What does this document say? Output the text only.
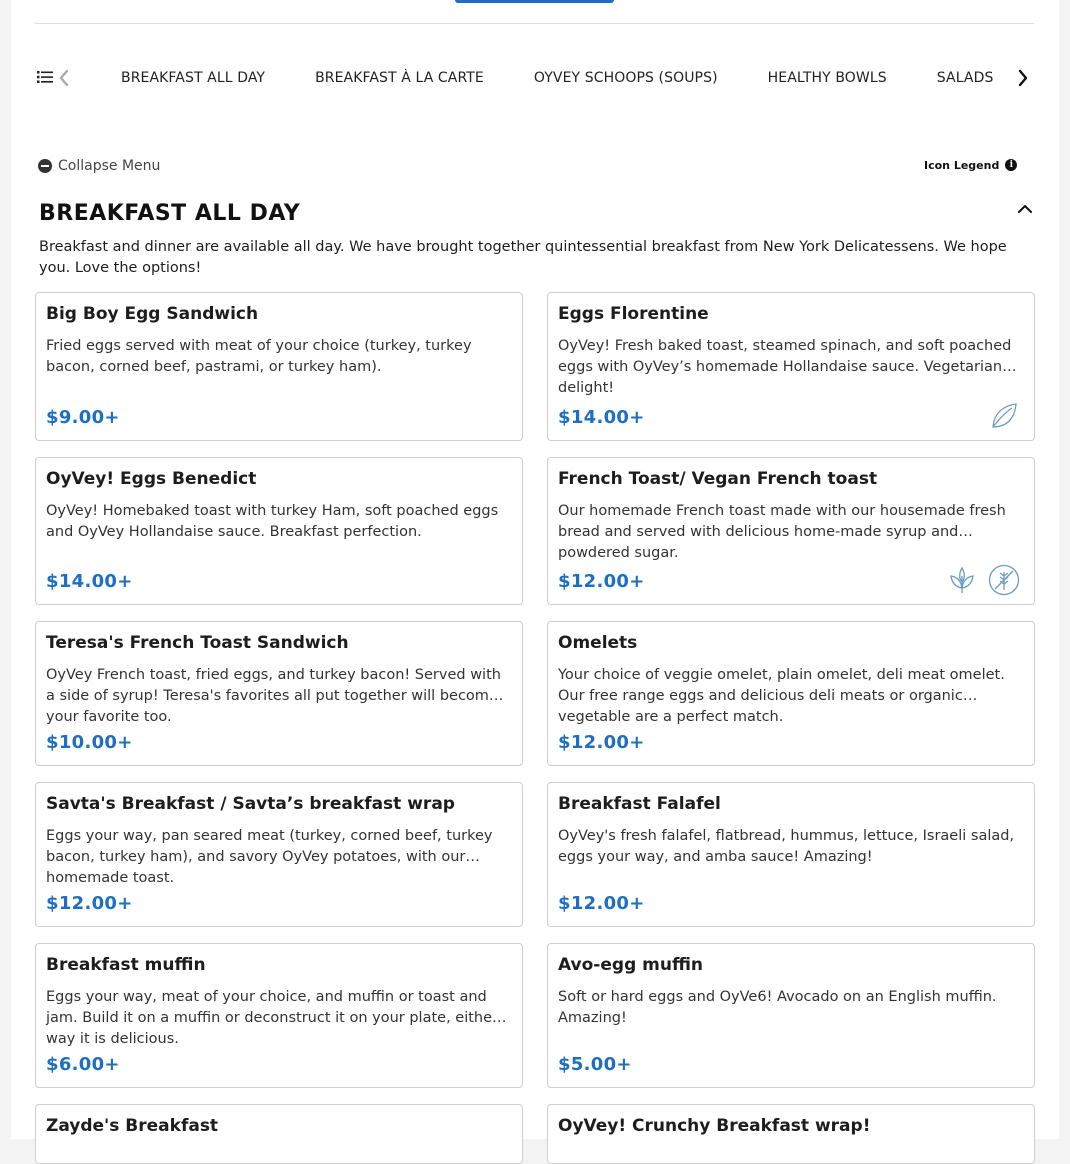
BREAKFAST ALL DAY	BREAKFAST À LA CARTE	OYVEY SCHOOPS (SOUPS)	HEALTHY BOWLS	SALADS
Collapse Menu	Icon Legend	i
BREAKFAST ALL DAY
Breakfast and dinner are available all day. We have brought together quintessential breakfast from New York Delicatessens. We hope you. Love the options!
Big Boy Egg Sandwich
Fried eggs served with meat of your choice (turkey, turkey bacon, corned beef, pastrami, or turkey ham).
$9.00+
Eggs Florentine
OyVey! Fresh baked toast, steamed spinach, and soft poached eggs with OyVey’s homemade Hollandaise sauce. Vegetarian delight!
$14.00+
OyVey! Eggs Benedict
OyVey! Homebaked toast with turkey Ham, soft poached eggs and OyVey Hollandaise sauce. Breakfast perfection.
$14.00+
French Toast/ Vegan French toast
Our homemade French toast made with our housemade fresh bread and served with delicious home-made syrup and powdered sugar.
$12.00+
Teresa's French Toast Sandwich
OyVey French toast, fried eggs, and turkey bacon! Served with a side of syrup! Teresa's favorites all put together will become your favorite too.
$10.00+
Omelets
Your choice of veggie omelet, plain omelet, deli meat omelet. Our free range eggs and delicious deli meats or organic vegetable are a perfect match.
$12.00+
Savta's Breakfast / Savta’s breakfast wrap
Eggs your way, pan seared meat (turkey, corned beef, turkey bacon, turkey ham), and savory OyVey potatoes, with our homemade toast.
$12.00+
Breakfast Falafel
OyVey's fresh falafel, flatbread, hummus, lettuce, Israeli salad, eggs your way, and amba sauce! Amazing!
$12.00+
Breakfast muffin
Eggs your way, meat of your choice, and muffin or toast and jam. Build it on a muffin or deconstruct it on your plate, either way it is delicious.
$6.00+
Avo-egg muffin
Soft or hard eggs and OyVe6! Avocado on an English muffin. Amazing!
$5.00+
Zayde's Breakfast	OyVey! Crunchy Breakfast wrap!
